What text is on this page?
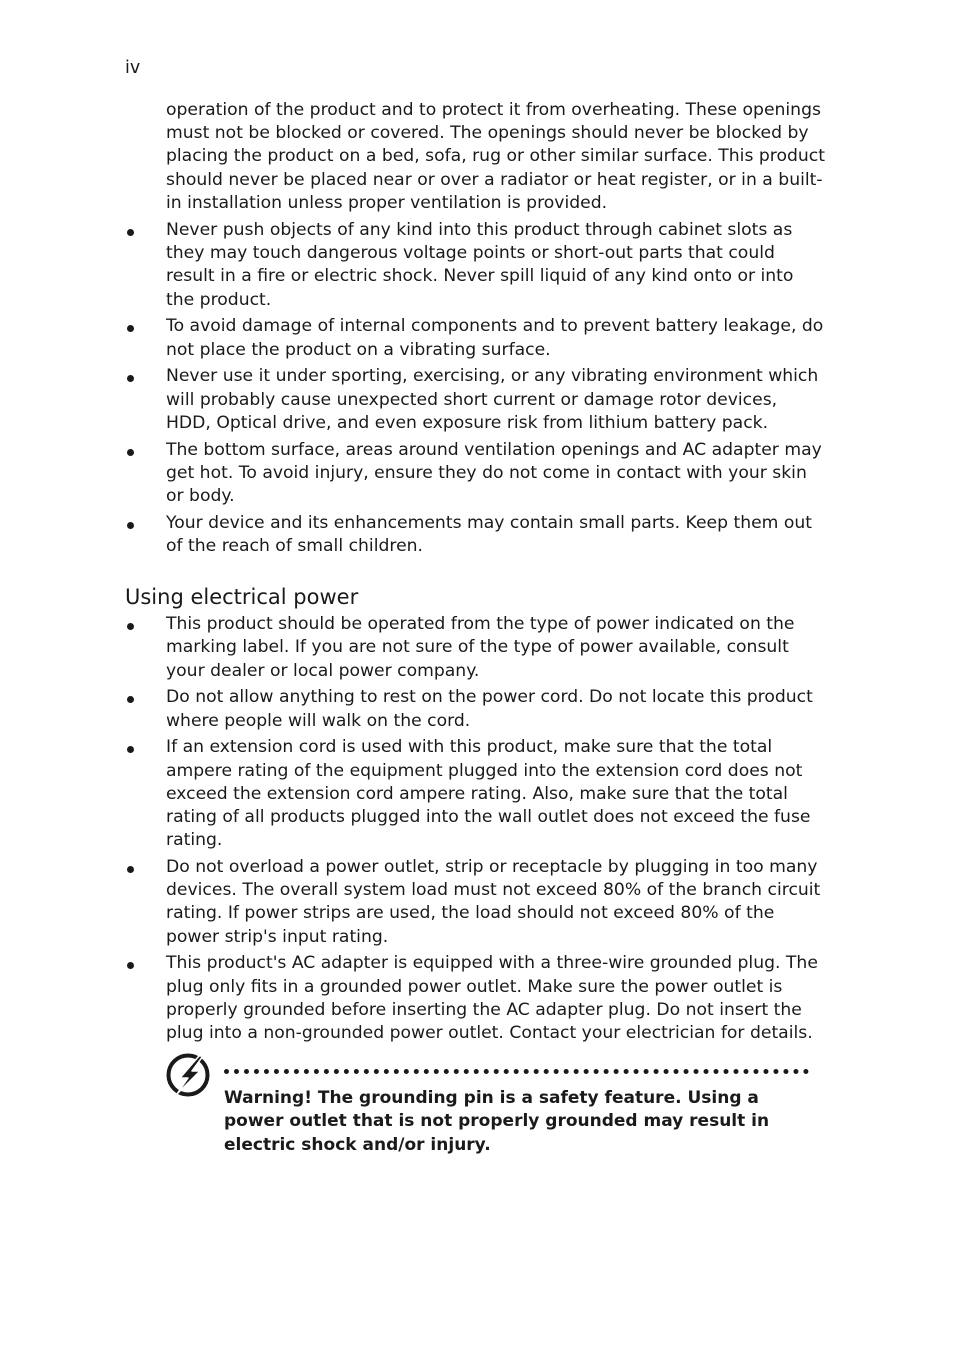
iv

operation of the product and to protect it from overheating. These openings must not be blocked or covered. The openings should never be blocked by placing the product on a bed, sofa, rug or other similar surface. This product should never be placed near or over a radiator or heat register, or in a built-in installation unless proper ventilation is provided.

Never push objects of any kind into this product through cabinet slots as they may touch dangerous voltage points or short-out parts that could result in a fire or electric shock. Never spill liquid of any kind onto or into the product.
To avoid damage of internal components and to prevent battery leakage, do not place the product on a vibrating surface.
Never use it under sporting, exercising, or any vibrating environment which will probably cause unexpected short current or damage rotor devices, HDD, Optical drive, and even exposure risk from lithium battery pack.
The bottom surface, areas around ventilation openings and AC adapter may get hot. To avoid injury, ensure they do not come in contact with your skin or body.
Your device and its enhancements may contain small parts. Keep them out of the reach of small children.
Using electrical power
This product should be operated from the type of power indicated on the marking label. If you are not sure of the type of power available, consult your dealer or local power company.
Do not allow anything to rest on the power cord. Do not locate this product where people will walk on the cord.
If an extension cord is used with this product, make sure that the total ampere rating of the equipment plugged into the extension cord does not exceed the extension cord ampere rating. Also, make sure that the total rating of all products plugged into the wall outlet does not exceed the fuse rating.
Do not overload a power outlet, strip or receptacle by plugging in too many devices. The overall system load must not exceed 80% of the branch circuit rating. If power strips are used, the load should not exceed 80% of the power strip's input rating.
This product's AC adapter is equipped with a three-wire grounded plug. The plug only fits in a grounded power outlet. Make sure the power outlet is properly grounded before inserting the AC adapter plug. Do not insert the plug into a non-grounded power outlet. Contact your electrician for details.
Warning! The grounding pin is a safety feature. Using a power outlet that is not properly grounded may result in electric shock and/or injury.
